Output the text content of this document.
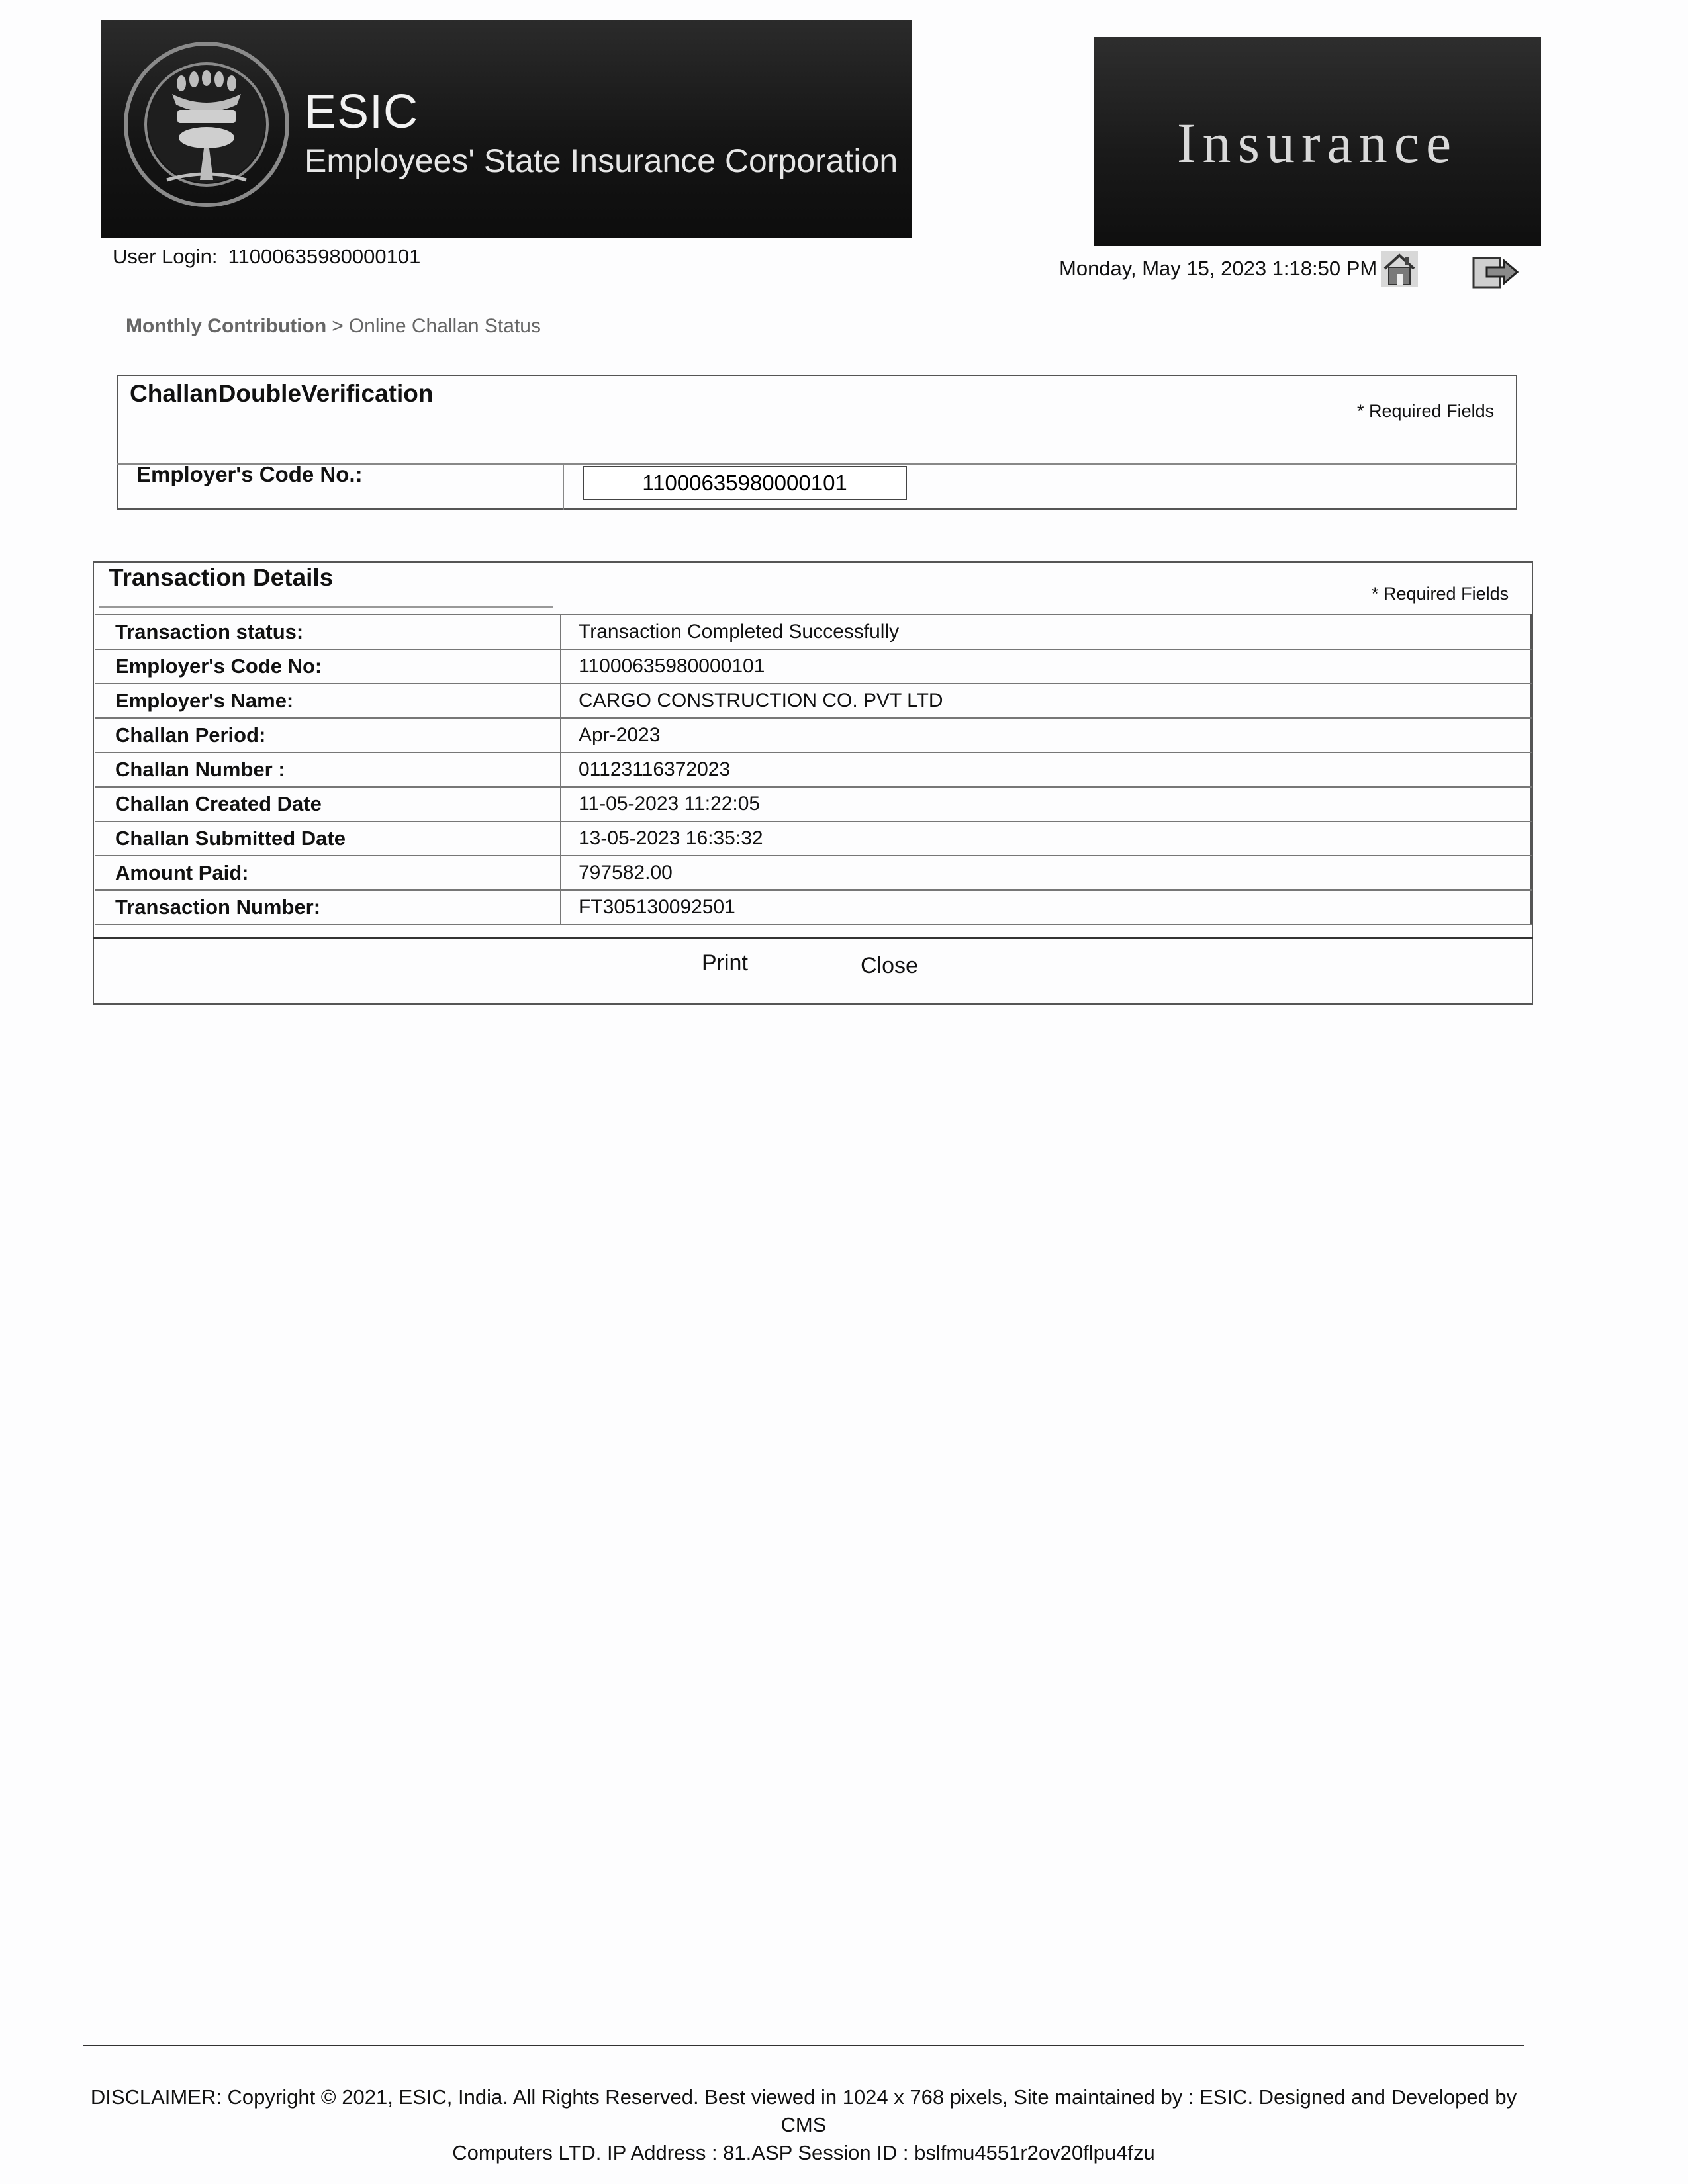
ESIC
Employees' State Insurance Corporation	Insurance
User Login: 11000635980000101
Monday, May 15, 2023 1:18:50 PM
Monthly Contribution > Online Challan Status
ChallanDoubleVerification
* Required Fields
Employer's Code No.:
11000635980000101
Transaction Details
* Required Fields
Transaction status:	Transaction Completed Successfully
Employer's Code No:	11000635980000101
Employer's Name:	CARGO CONSTRUCTION CO. PVT LTD
Challan Period:	Apr-2023
Challan Number :	01123116372023
Challan Created Date	11-05-2023 11:22:05
Challan Submitted Date	13-05-2023 16:35:32
Amount Paid:	797582.00
Transaction Number:	FT305130092501
Print	Close
DISCLAIMER: Copyright © 2021, ESIC, India. All Rights Reserved. Best viewed in 1024 x 768 pixels, Site maintained by : ESIC. Designed and Developed by CMS
Computers LTD. IP Address : 81.ASP Session ID : bslfmu4551r2ov20flpu4fzu
